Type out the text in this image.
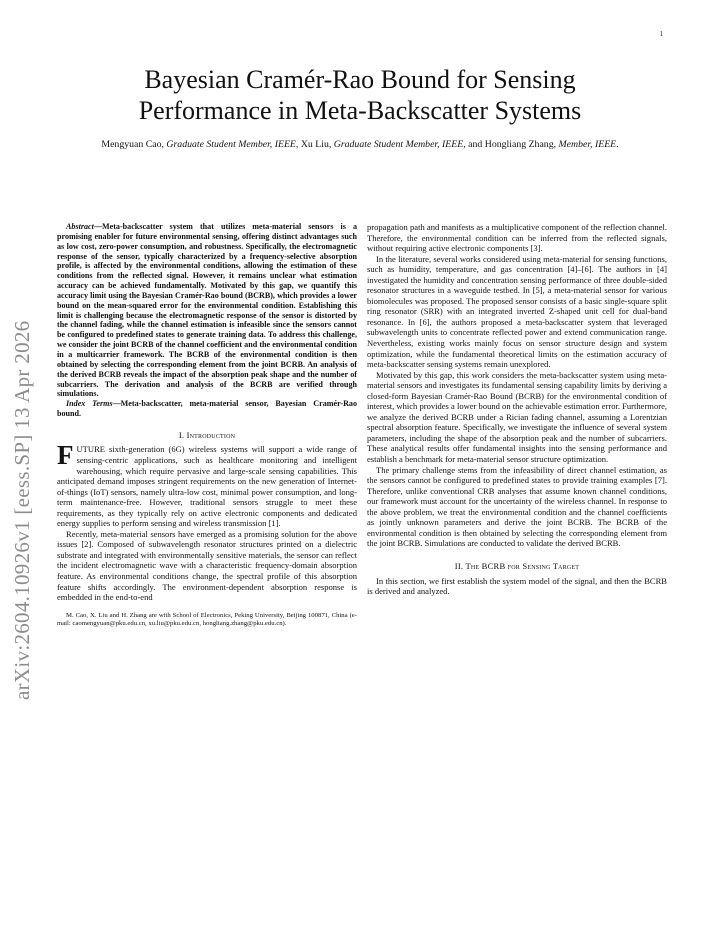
1
arXiv:2604.10926v1 [eess.SP] 13 Apr 2026
Bayesian Cramér-Rao Bound for Sensing Performance in Meta-Backscatter Systems
Mengyuan Cao, Graduate Student Member, IEEE, Xu Liu, Graduate Student Member, IEEE, and Hongliang Zhang, Member, IEEE.

Abstract—Meta-backscatter system that utilizes meta-material sensors is a promising enabler for future environmental sensing, offering distinct advantages such as low cost, zero-power consumption, and robustness. Specifically, the electromagnetic response of the sensor, typically characterized by a frequency-selective absorption profile, is affected by the environmental conditions, allowing the estimation of these conditions from the reflected signal. However, it remains unclear what estimation accuracy can be achieved fundamentally. Motivated by this gap, we quantify this accuracy limit using the Bayesian Cramér-Rao bound (BCRB), which provides a lower bound on the mean-squared error for the environmental condition. Establishing this limit is challenging because the electromagnetic response of the sensor is distorted by the channel fading, while the channel estimation is infeasible since the sensors cannot be configured to predefined states to generate training data. To address this challenge, we consider the joint BCRB of the channel coefficient and the environmental condition in a multicarrier framework. The BCRB of the environmental condition is then obtained by selecting the corresponding element from the joint BCRB. An analysis of the derived BCRB reveals the impact of the absorption peak shape and the number of subcarriers. The derivation and analysis of the BCRB are verified through simulations.

Index Terms—Meta-backscatter, meta-material sensor, Bayesian Cramér-Rao bound.

I. Introduction

FUTURE sixth-generation (6G) wireless systems will support a wide range of sensing-centric applications, such as healthcare monitoring and intelligent warehousing, which require pervasive and large-scale sensing capabilities. This anticipated demand imposes stringent requirements on the new generation of Internet-of-things (IoT) sensors, namely ultra-low cost, minimal power consumption, and long-term maintenance-free. However, traditional sensors struggle to meet these requirements, as they typically rely on active electronic components and dedicated energy supplies to perform sensing and wireless transmission [1].

Recently, meta-material sensors have emerged as a promising solution for the above issues [2]. Composed of subwavelength resonator structures printed on a dielectric substrate and integrated with environmentally sensitive materials, the sensor can reflect the incident electromagnetic wave with a characteristic frequency-domain absorption feature. As environmental conditions change, the spectral profile of this absorption feature shifts accordingly. The environment-dependent absorption response is embedded in the end-to-end

M. Cao, X. Liu and H. Zhang are with School of Electronics, Peking University, Beijing 100871, China (e-mail: caomengyuan@pku.edu.cn, xu.liu@pku.edu.cn, hongliang.zhang@pku.edu.cn).

propagation path and manifests as a multiplicative component of the reflection channel. Therefore, the environmental condition can be inferred from the reflected signals, without requiring active electronic components [3].

In the literature, several works considered using meta-material for sensing functions, such as humidity, temperature, and gas concentration [4]–[6]. The authors in [4] investigated the humidity and concentration sensing performance of three double-sided resonator structures in a waveguide testbed. In [5], a meta-material sensor for various biomolecules was proposed. The proposed sensor consists of a basic single-square split ring resonator (SRR) with an integrated inverted Z-shaped unit cell for dual-band resonance. In [6], the authors proposed a meta-backscatter system that leveraged subwavelength units to concentrate reflected power and extend communication range. Nevertheless, existing works mainly focus on sensor structure design and system optimization, while the fundamental theoretical limits on the estimation accuracy of meta-backscatter sensing systems remain unexplored.

Motivated by this gap, this work considers the meta-backscatter system using meta-material sensors and investigates its fundamental sensing capability limits by deriving a closed-form Bayesian Cramér-Rao Bound (BCRB) for the environmental condition of interest, which provides a lower bound on the achievable estimation error. Furthermore, we analyze the derived BCRB under a Rician fading channel, assuming a Lorentzian spectral absorption feature. Specifically, we investigate the influence of several system parameters, including the shape of the absorption peak and the number of subcarriers. These analytical results offer fundamental insights into the sensing performance and establish a benchmark for meta-material sensor structure optimization.

The primary challenge stems from the infeasibility of direct channel estimation, as the sensors cannot be configured to predefined states to provide training examples [7]. Therefore, unlike conventional CRB analyses that assume known channel conditions, our framework must account for the uncertainty of the wireless channel. In response to the above problem, we treat the environmental condition and the channel coefficients as jointly unknown parameters and derive the joint BCRB. The BCRB of the environmental condition is then obtained by selecting the corresponding element from the joint BCRB. Simulations are conducted to validate the derived BCRB.

II. The BCRB for Sensing Target

In this section, we first establish the system model of the signal, and then the BCRB is derived and analyzed.
